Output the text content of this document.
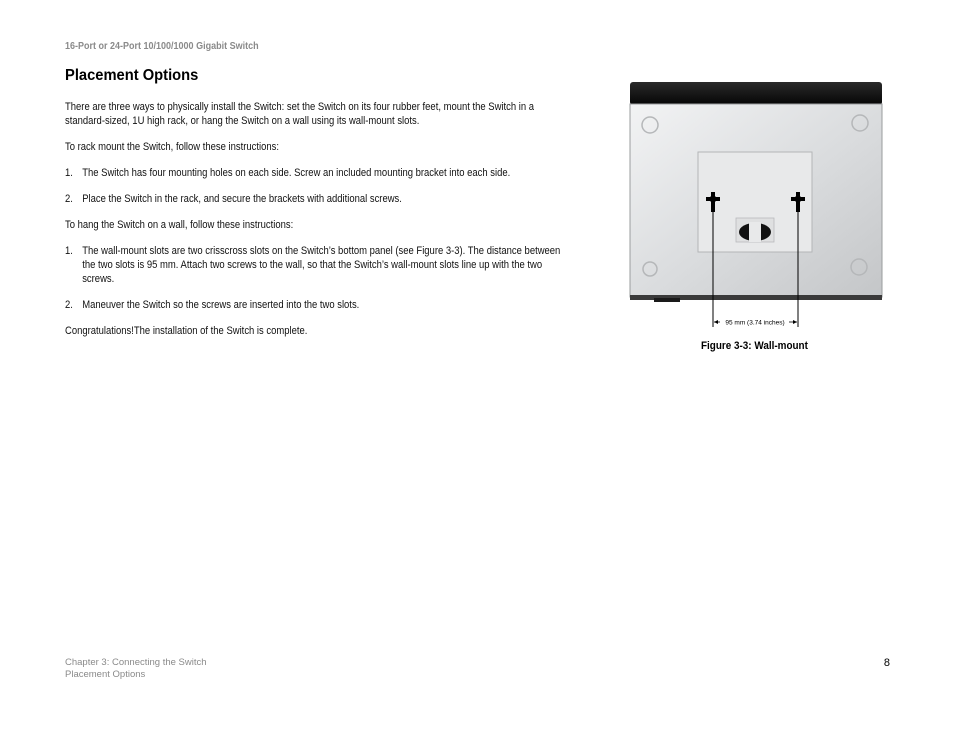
16-Port or 24-Port 10/100/1000 Gigabit Switch
Placement Options

There are three ways to physically install the Switch: set the Switch on its four rubber feet, mount the Switch in a standard-sized, 1U high rack, or hang the Switch on a wall using its wall-mount slots.

To rack mount the Switch, follow these instructions:

1. The Switch has four mounting holes on each side. Screw an included mounting bracket into each side.
2. Place the Switch in the rack, and secure the brackets with additional screws.

To hang the Switch on a wall, follow these instructions:

1. The wall-mount slots are two crisscross slots on the Switch’s bottom panel (see Figure 3-3). The distance between the two slots is 95 mm. Attach two screws to the wall, so that the Switch’s wall-mount slots line up with the two screws.
2. Maneuver the Switch so the screws are inserted into the two slots.

Congratulations!The installation of the Switch is complete.

95 mm (3.74 inches)
Figure 3-3: Wall-mount
Chapter 3: Connecting the Switch
Placement Options
8
